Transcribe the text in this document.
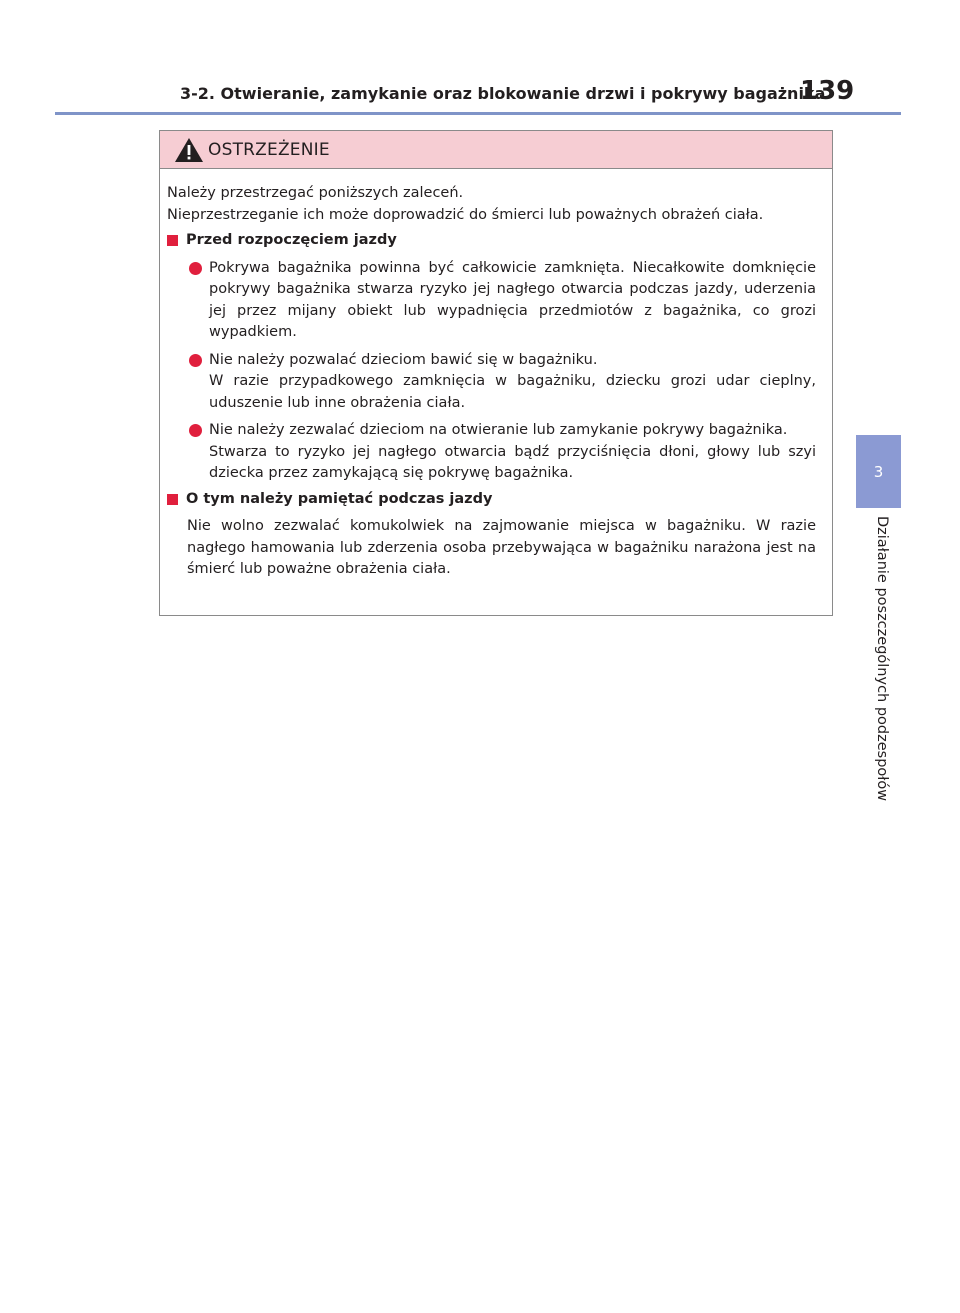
3-2. Otwieranie, zamykanie oraz blokowanie drzwi i pokrywy bagażnika
139
3
Działanie poszczególnych podzespołów
OSTRZEŻENIE

Należy przestrzegać poniższych zaleceń.

Nieprzestrzeganie ich może doprowadzić do śmierci lub poważnych obrażeń ciała.

Przed rozpoczęciem jazdy

Pokrywa bagażnika powinna być całkowicie zamknięta. Niecałkowite domknięcie pokrywy bagażnika stwarza ryzyko jej nagłego otwarcia podczas jazdy, uderzenia jej przez mijany obiekt lub wypadnięcia przedmiotów z bagażnika, co grozi wypadkiem.

Nie należy pozwalać dzieciom bawić się w bagażniku.

W razie przypadkowego zamknięcia w bagażniku, dziecku grozi udar cieplny, uduszenie lub inne obrażenia ciała.

Nie należy zezwalać dzieciom na otwieranie lub zamykanie pokrywy bagażnika.

Stwarza to ryzyko jej nagłego otwarcia bądź przyciśnięcia dłoni, głowy lub szyi dziecka przez zamykającą się pokrywę bagażnika.

O tym należy pamiętać podczas jazdy

Nie wolno zezwalać komukolwiek na zajmowanie miejsca w bagażniku. W razie nagłego hamowania lub zderzenia osoba przebywająca w bagażniku narażona jest na śmierć lub poważne obrażenia ciała.
